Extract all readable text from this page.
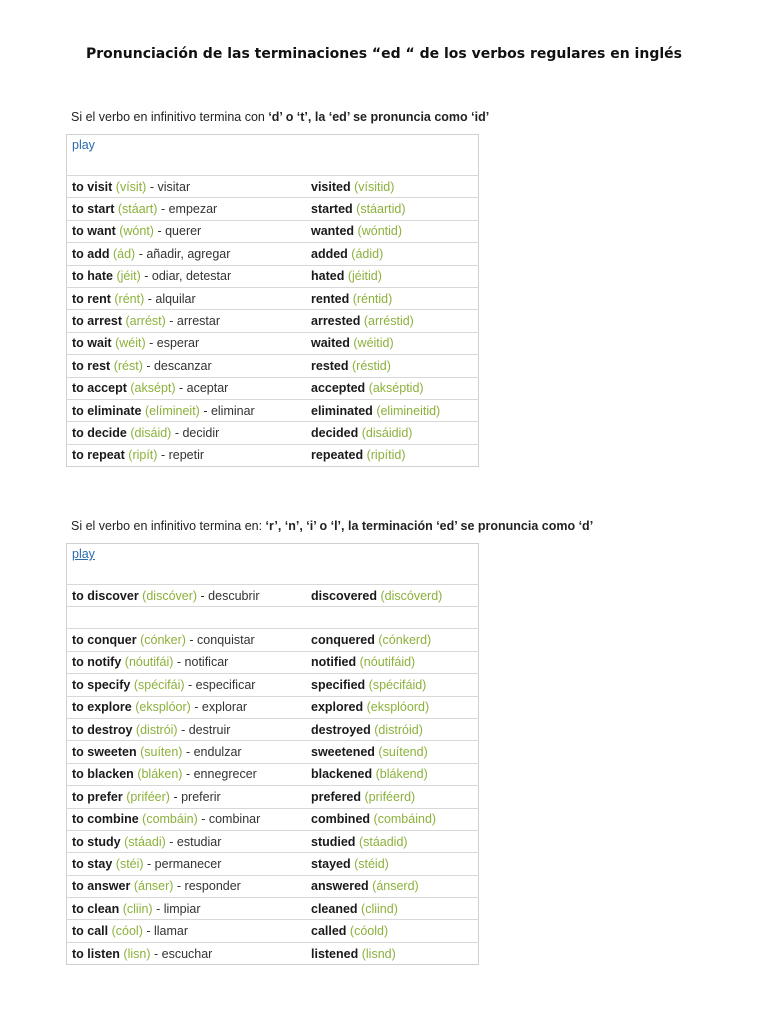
Pronunciación de las terminaciones “ed “ de los verbos regulares en inglés
Si el verbo en infinitivo termina con ‘d’ o ‘t’, la ‘ed’ se pronuncia como ‘id’
play	
to visit (vísit) - visitar	visited (vísitid)
to start (stáart) - empezar	started (stáartid)
to want (wónt) - querer	wanted (wóntid)
to add (ád) - añadir, agregar	added (ádid)
to hate (jéit) - odiar, detestar	hated (jéitid)
to rent (rént) - alquilar	rented (réntid)
to arrest (arrést) - arrestar	arrested (arréstid)
to wait (wéit) - esperar	waited (wéitid)
to rest (rést) - descanzar	rested (réstid)
to accept (aksépt) - aceptar	accepted (akséptid)
to eliminate (elímineit) - eliminar	eliminated (elimineitid)
to decide (disáid) - decidir	decided (disáidid)
to repeat (ripít) - repetir	repeated (ripítid)
Si el verbo en infinitivo termina en: ‘r’, ‘n’, ‘i’ o ‘l’, la terminación ‘ed’ se pronuncia como ‘d’
play	
to discover (discóver) - descubrir	discovered (discóverd)

to conquer (cónker) - conquistar	conquered (cónkerd)
to notify (nóutifái) - notificar	notified (nóutifáid)
to specify (spécifái) - especificar	specified (spécifáid)
to explore (eksplóor) - explorar	explored (eksplóord)
to destroy (distrói) - destruir	destroyed (distróid)
to sweeten (suíten) - endulzar	sweetened (suítend)
to blacken (bláken) - ennegrecer	blackened (blákend)
to prefer (priféer) - preferir	prefered (priféerd)
to combine (combáin) - combinar	combined (combáind)
to study (stáadi) - estudiar	studied (stáadid)
to stay (stéi) - permanecer	stayed (stéid)
to answer (ánser) - responder	answered (ánserd)
to clean (cliin) - limpiar	cleaned (cliind)
to call (cóol) - llamar	called (cóold)
to listen (lisn) - escuchar	listened (lisnd)
